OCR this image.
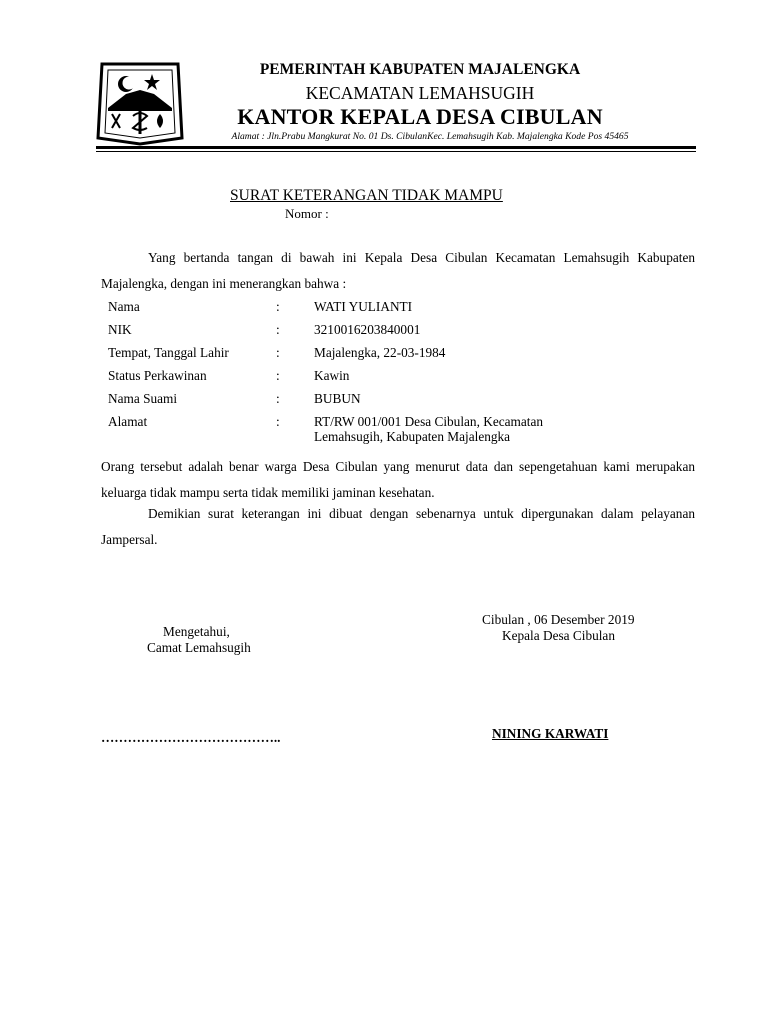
PEMERINTAH KABUPATEN MAJALENGKA
KECAMATAN LEMAHSUGIH
KANTOR KEPALA DESA CIBULAN
Alamat : Jln.Prabu Mangkurat No. 01 Ds. CibulanKec. Lemahsugih Kab. Majalengka Kode Pos 45465
SURAT KETERANGAN TIDAK MAMPU
Nomor :
Yang bertanda tangan di bawah ini Kepala Desa Cibulan Kecamatan Lemahsugih Kabupaten Majalengka, dengan ini menerangkan bahwa :
Nama	:	WATI YULIANTI
NIK	:	3210016203840001
Tempat, Tanggal Lahir	:	Majalengka, 22-03-1984
Status Perkawinan	:	Kawin
Nama Suami	:	BUBUN
Alamat	:	RT/RW 001/001 Desa Cibulan, Kecamatan Lemahsugih, Kabupaten Majalengka
Orang tersebut adalah benar warga Desa Cibulan yang menurut data dan sepengetahuan kami merupakan keluarga tidak mampu serta tidak memiliki jaminan kesehatan.
Demikian surat keterangan ini dibuat dengan sebenarnya untuk dipergunakan dalam pelayanan Jampersal.
Cibulan , 06 Desember 2019
Kepala Desa Cibulan
Mengetahui,
Camat Lemahsugih
…………………………………..	NINING KARWATI
